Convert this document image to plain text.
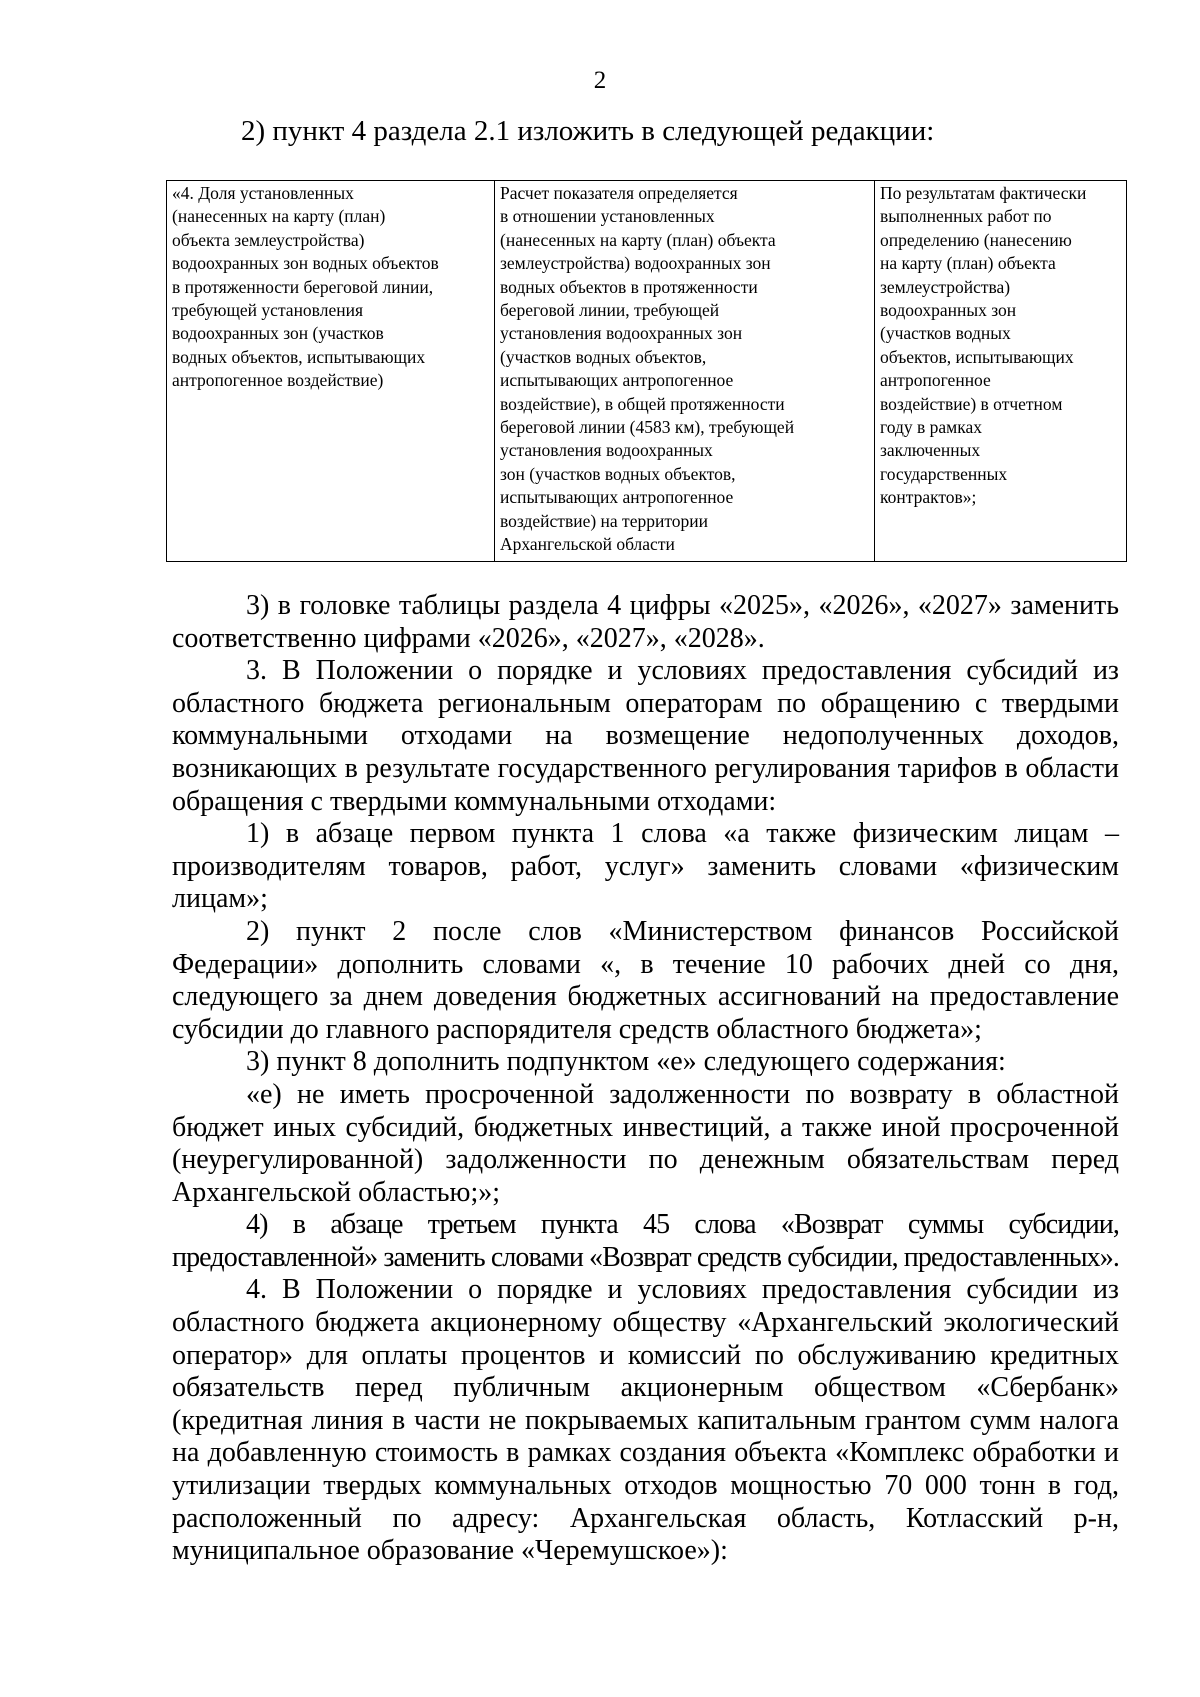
2
2) пункт 4 раздела 2.1 изложить в следующей редакции:
«4. Доля установленных
(нанесенных на карту (план)
объекта землеустройства)
водоохранных зон водных объектов
в протяженности береговой линии,
требующей установления
водоохранных зон (участков
водных объектов, испытывающих
антропогенное воздействие)	Расчет показателя определяется
в отношении установленных
(нанесенных на карту (план) объекта
землеустройства) водоохранных зон
водных объектов в протяженности
береговой линии, требующей
установления водоохранных зон
(участков водных объектов,
испытывающих антропогенное
воздействие), в общей протяженности
береговой линии (4583 км), требующей
установления водоохранных
зон (участков водных объектов,
испытывающих антропогенное
воздействие) на территории
Архангельской области	По результатам фактически
выполненных работ по
определению (нанесению
на карту (план) объекта
землеустройства)
водоохранных зон
(участков водных
объектов, испытывающих
антропогенное
воздействие) в отчетном
году в рамках
заключенных
государственных
контрактов»;

3) в головке таблицы раздела 4 цифры «2025», «2026», «2027» заменить соответственно цифрами «2026», «2027», «2028».

3. В Положении о порядке и условиях предоставления субсидий из областного бюджета региональным операторам по обращению с твердыми коммунальными отходами на возмещение недополученных доходов, возникающих в результате государственного регулирования тарифов в области обращения с твердыми коммунальными отходами:

1) в абзаце первом пункта 1 слова «а также физическим лицам – производителям товаров, работ, услуг» заменить словами «физическим лицам»;

2) пункт 2 после слов «Министерством финансов Российской Федерации» дополнить словами «, в течение 10 рабочих дней со дня, следующего за днем доведения бюджетных ассигнований на предоставление субсидии до главного распорядителя средств областного бюджета»;

3) пункт 8 дополнить подпунктом «е» следующего содержания:

«е) не иметь просроченной задолженности по возврату в областной бюджет иных субсидий, бюджетных инвестиций, а также иной просроченной (неурегулированной) задолженности по денежным обязательствам перед Архангельской областью;»;

4) в абзаце третьем пункта 45 слова «Возврат суммы субсидии, предоставленной» заменить словами «Возврат средств субсидии, предоставленных».

4. В Положении о порядке и условиях предоставления субсидии из областного бюджета акционерному обществу «Архангельский экологический оператор» для оплаты процентов и комиссий по обслуживанию кредитных обязательств перед публичным акционерным обществом «Сбербанк» (кредитная линия в части не покрываемых капитальным грантом сумм налога на добавленную стоимость в рамках создания объекта «Комплекс обработки и утилизации твердых коммунальных отходов мощностью 70 000 тонн в год, расположенный по адресу: Архангельская область, Котласский р-н, муниципальное образование «Черемушское»):
